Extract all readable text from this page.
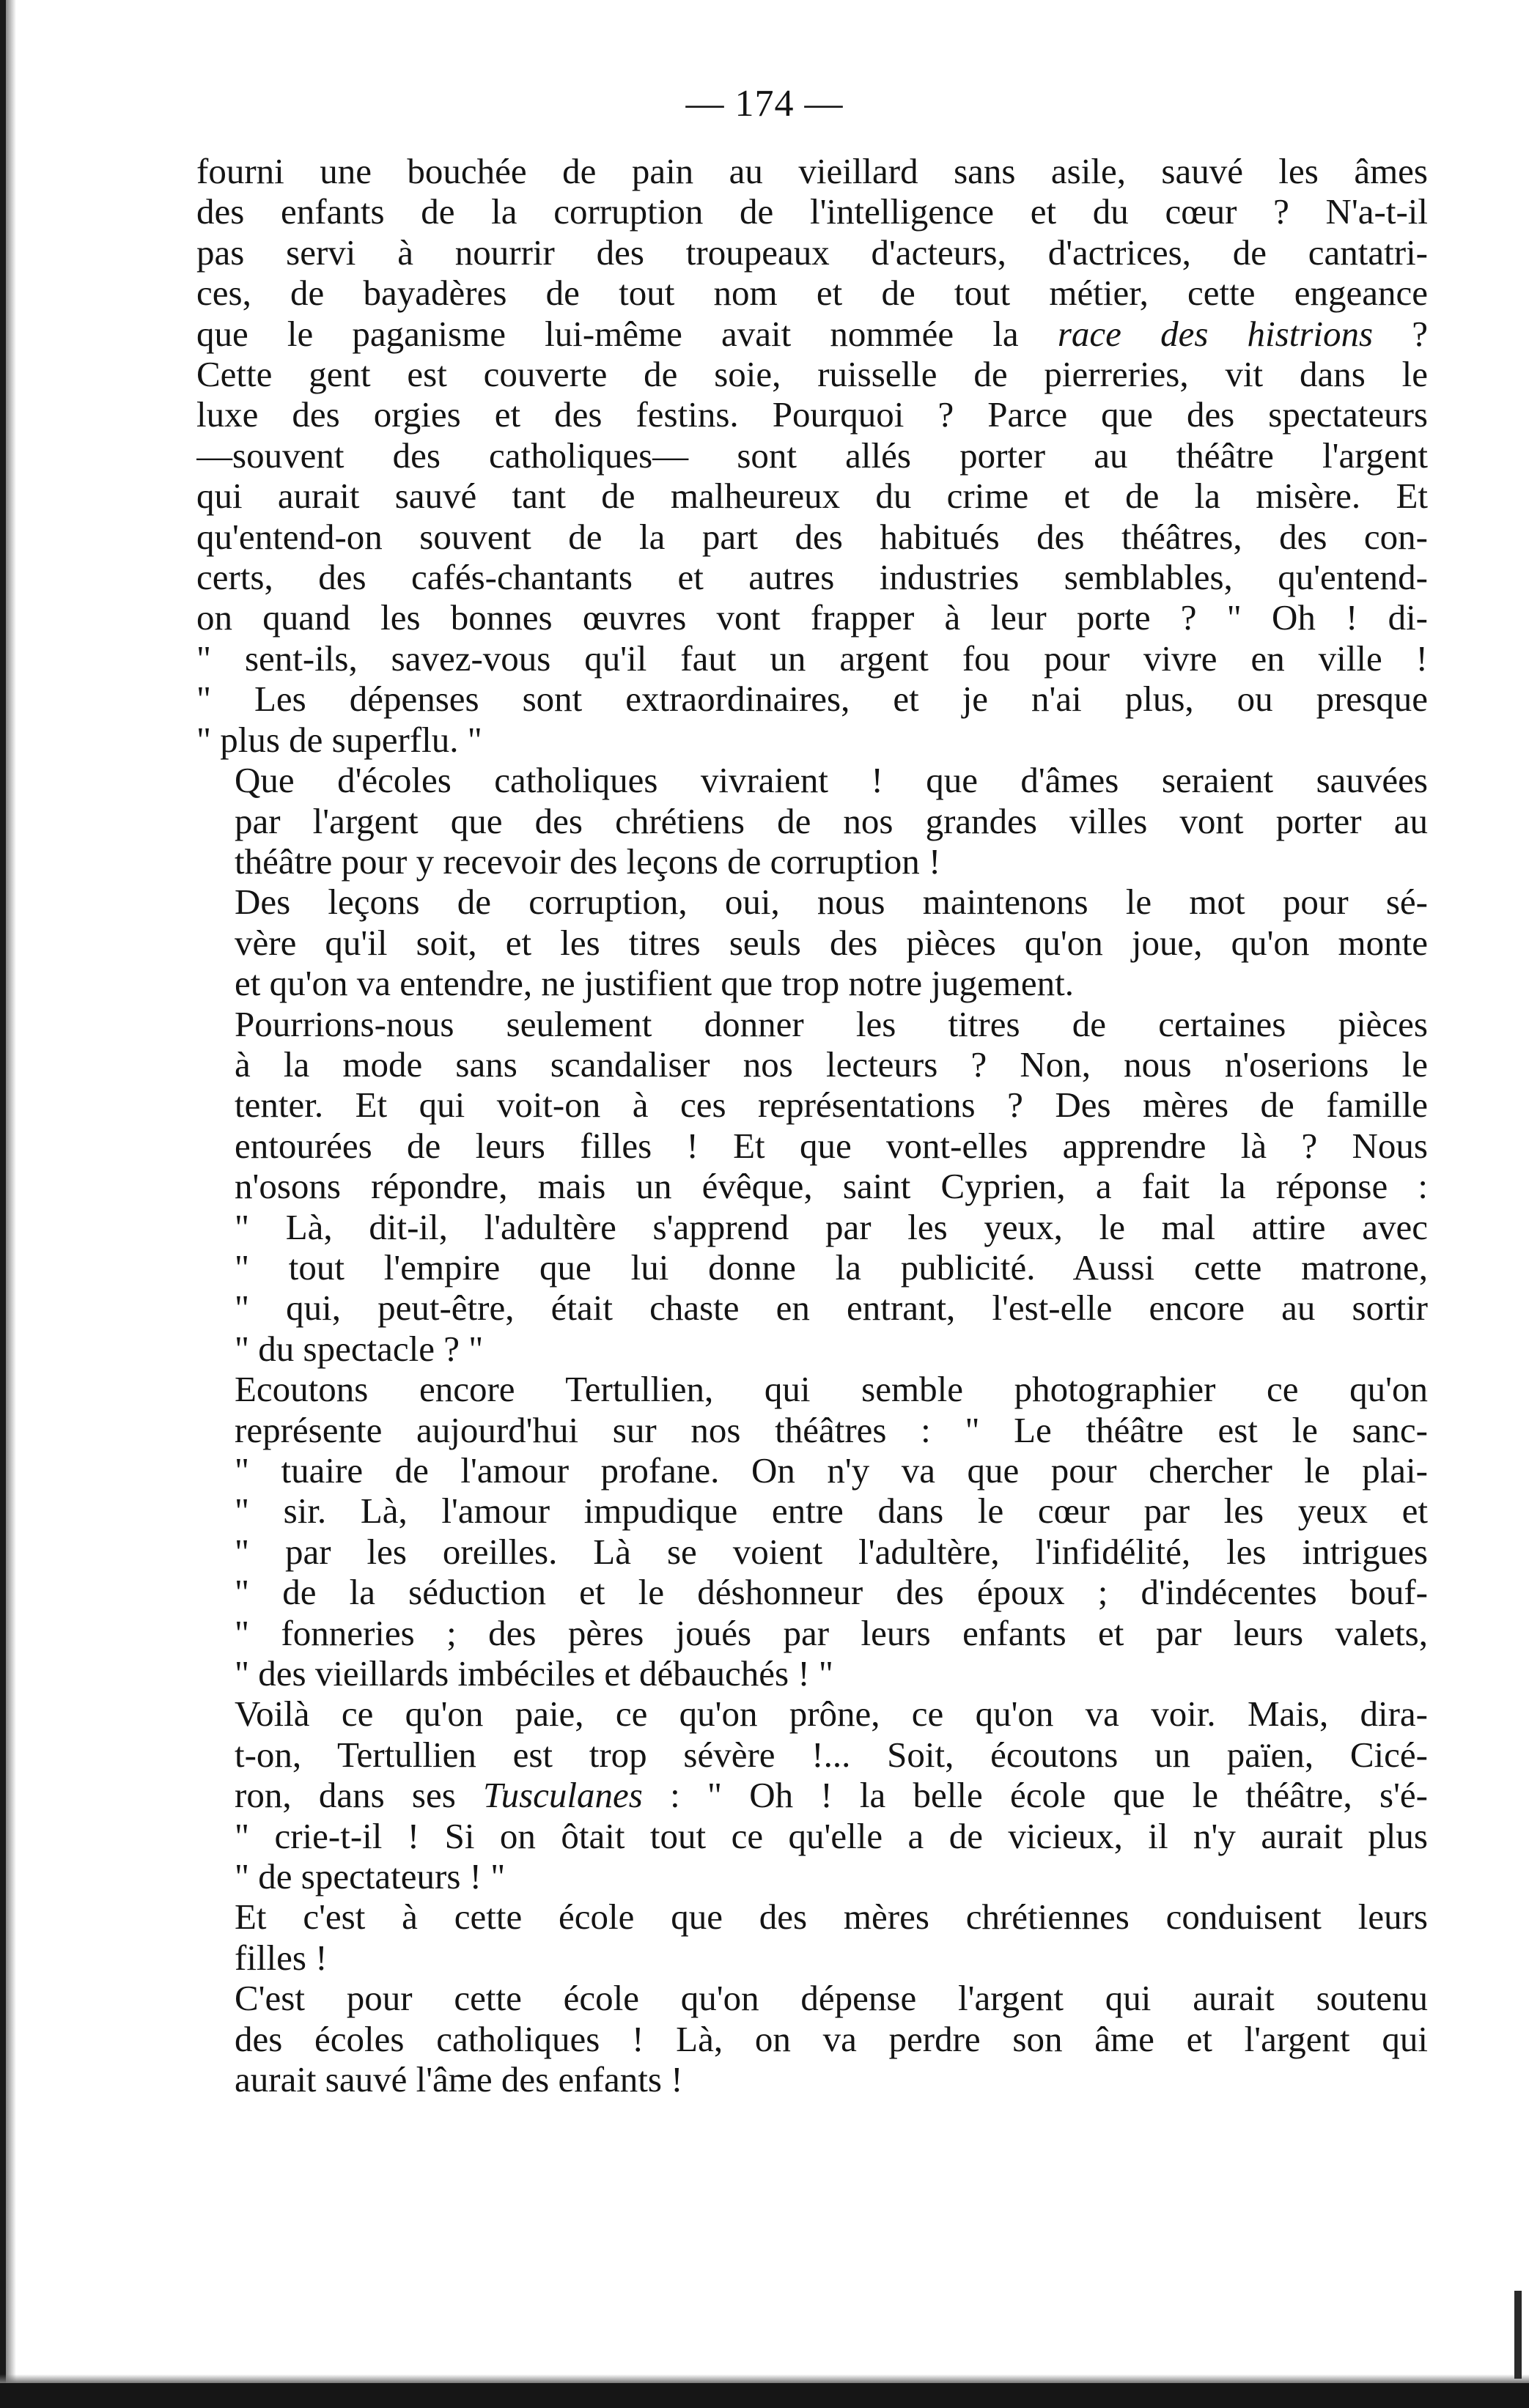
— 174 —

fourni une bouchée de pain au vieillard sans asile, sauvé les âmes
des enfants de la corruption de l'intelligence et du cœur ? N'a-t-il
pas servi à nourrir des troupeaux d'acteurs, d'actrices, de cantatri-
ces, de bayadères de tout nom et de tout métier, cette engeance
que le paganisme lui-même avait nommée la race des histrions ?
Cette gent est couverte de soie, ruisselle de pierreries, vit dans le
luxe des orgies et des festins. Pourquoi ? Parce que des spectateurs
—souvent des catholiques— sont allés porter au théâtre l'argent
qui aurait sauvé tant de malheureux du crime et de la misère. Et
qu'entend-on souvent de la part des habitués des théâtres, des con-
certs, des cafés-chantants et autres industries semblables, qu'entend-
on quand les bonnes œuvres vont frapper à leur porte ? " Oh ! di-
" sent-ils, savez-vous qu'il faut un argent fou pour vivre en ville !
" Les dépenses sont extraordinaires, et je n'ai plus, ou presque
" plus de superflu. "

Que d'écoles catholiques vivraient ! que d'âmes seraient sauvées
par l'argent que des chrétiens de nos grandes villes vont porter au
théâtre pour y recevoir des leçons de corruption !

Des leçons de corruption, oui, nous maintenons le mot pour sé-
vère qu'il soit, et les titres seuls des pièces qu'on joue, qu'on monte
et qu'on va entendre, ne justifient que trop notre jugement.

Pourrions-nous seulement donner les titres de certaines pièces
à la mode sans scandaliser nos lecteurs ? Non, nous n'oserions le
tenter. Et qui voit-on à ces représentations ? Des mères de famille
entourées de leurs filles ! Et que vont-elles apprendre là ? Nous
n'osons répondre, mais un évêque, saint Cyprien, a fait la réponse :
" Là, dit-il, l'adultère s'apprend par les yeux, le mal attire avec
" tout l'empire que lui donne la publicité. Aussi cette matrone,
" qui, peut-être, était chaste en entrant, l'est-elle encore au sortir
" du spectacle ? "

Ecoutons encore Tertullien, qui semble photographier ce qu'on
représente aujourd'hui sur nos théâtres : " Le théâtre est le sanc-
" tuaire de l'amour profane. On n'y va que pour chercher le plai-
" sir. Là, l'amour impudique entre dans le cœur par les yeux et
" par les oreilles. Là se voient l'adultère, l'infidélité, les intrigues
" de la séduction et le déshonneur des époux ; d'indécentes bouf-
" fonneries ; des pères joués par leurs enfants et par leurs valets,
" des vieillards imbéciles et débauchés ! "

Voilà ce qu'on paie, ce qu'on prône, ce qu'on va voir. Mais, dira-
t-on, Tertullien est trop sévère !... Soit, écoutons un païen, Cicé-
ron, dans ses Tusculanes : " Oh ! la belle école que le théâtre, s'é-
" crie-t-il ! Si on ôtait tout ce qu'elle a de vicieux, il n'y aurait plus
" de spectateurs ! "

Et c'est à cette école que des mères chrétiennes conduisent leurs
filles !

C'est pour cette école qu'on dépense l'argent qui aurait soutenu
des écoles catholiques ! Là, on va perdre son âme et l'argent qui
aurait sauvé l'âme des enfants !
